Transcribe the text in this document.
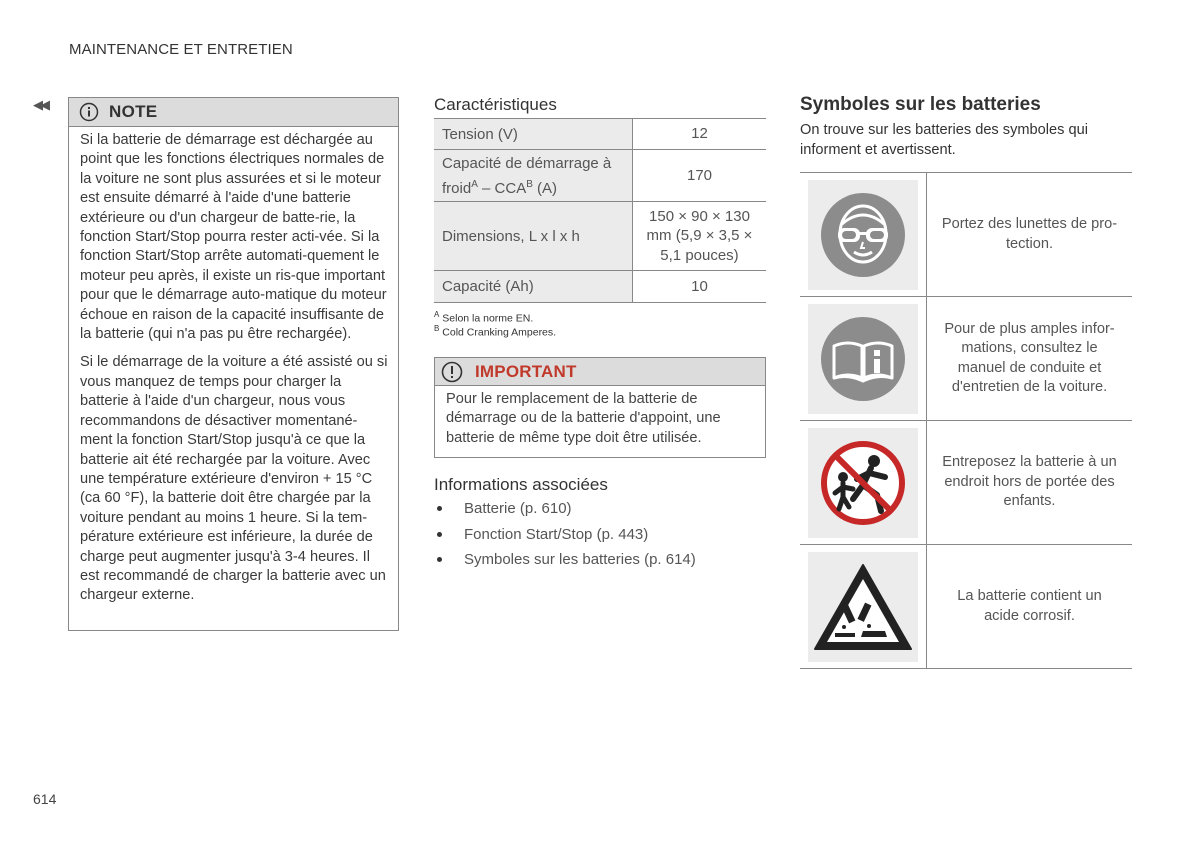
MAINTENANCE ET ENTRETIEN
◀◀	NOTE

Si la batterie de démarrage est déchargée au point que les fonctions électriques normales de la voiture ne sont plus assurées et si le moteur est ensuite démarré à l'aide d'une batterie extérieure ou d'un chargeur de batte-rie, la fonction Start/Stop pourra rester acti-vée. Si la fonction Start/Stop arrête automati-quement le moteur peu après, il existe un ris-que important pour que le démarrage auto-matique du moteur échoue en raison de la capacité insuffisante de la batterie (qui n'a pas pu être rechargée).

Si le démarrage de la voiture a été assisté ou si vous manquez de temps pour charger la batterie à l'aide d'un chargeur, nous vous recommandons de désactiver momentané-ment la fonction Start/Stop jusqu'à ce que la batterie ait été rechargée par la voiture. Avec une température extérieure d'environ + 15 °C (ca 60 °F), la batterie doit être chargée par la voiture pendant au moins 1 heure. Si la tem-pérature extérieure est inférieure, la durée de charge peut augmenter jusqu'à 3-4 heures. Il est recommandé de charger la batterie avec un chargeur externe.

Caractéristiques
Tension (V)	12
Capacité de démarrage à froid$^A$ – $CCA^B$ (A)	170
Dimensions, L x l x h	150 × 90 × 130 mm (5,9 × 3,5 × 5,1 pouces)
Capacité (Ah)	10
$^A$ Selon la norme EN.
$^B$ Cold Cranking Amperes.
IMPORTANT
Pour le remplacement de la batterie de démarrage ou de la batterie d'appoint, une batterie de même type doit être utilisée.
Informations associées
Batterie (p. 610)
Fonction Start/Stop (p. 443)
Symboles sur les batteries (p. 614)
Symboles sur les batteries
On trouve sur les batteries des symboles qui informent et avertissent.
Portez des lunettes de pro-
tection.
Pour de plus amples infor-
mations, consultez le
manuel de conduite et
d'entretien de la voiture.
Entreposez la batterie à un
endroit hors de portée des
enfants.
La batterie contient un
acide corrosif.
614
